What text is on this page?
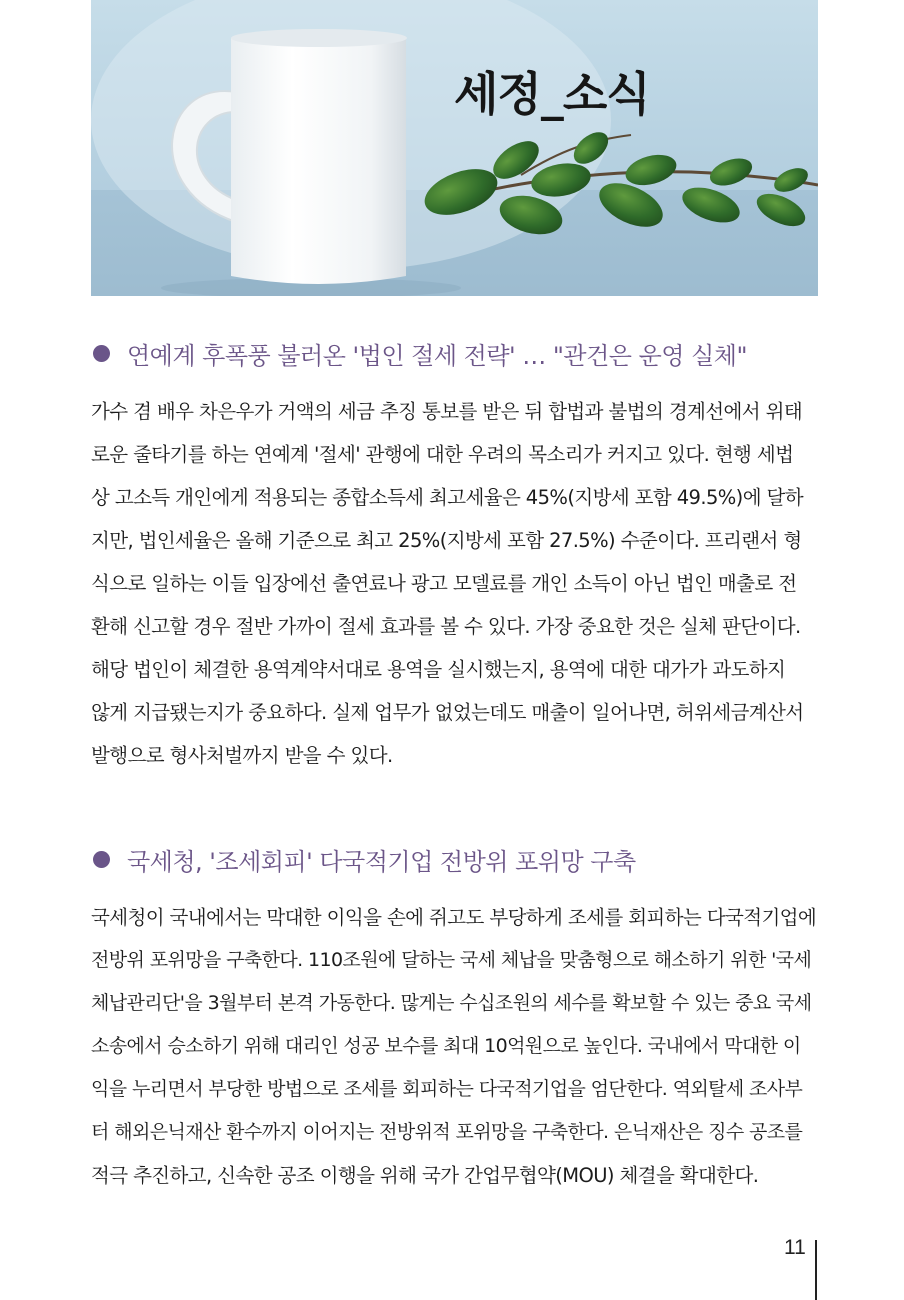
세정_소식
연예계 후폭풍 불러온 '법인 절세 전략' … "관건은 운영 실체"
가수 겸 배우 차은우가 거액의 세금 추징 통보를 받은 뒤 합법과 불법의 경계선에서 위태
로운 줄타기를 하는 연예계 '절세' 관행에 대한 우려의 목소리가 커지고 있다. 현행 세법
상 고소득 개인에게 적용되는 종합소득세 최고세율은 45%(지방세 포함 49.5%)에 달하
지만, 법인세율은 올해 기준으로 최고 25%(지방세 포함 27.5%) 수준이다. 프리랜서 형
식으로 일하는 이들 입장에선 출연료나 광고 모델료를 개인 소득이 아닌 법인 매출로 전
환해 신고할 경우 절반 가까이 절세 효과를 볼 수 있다. 가장 중요한 것은 실체 판단이다.
해당 법인이 체결한 용역계약서대로 용역을 실시했는지, 용역에 대한 대가가 과도하지
않게 지급됐는지가 중요하다. 실제 업무가 없었는데도 매출이 일어나면, 허위세금계산서
발행으로 형사처벌까지 받을 수 있다.
국세청, '조세회피' 다국적기업 전방위 포위망 구축
국세청이 국내에서는 막대한 이익을 손에 쥐고도 부당하게 조세를 회피하는 다국적기업에
전방위 포위망을 구축한다. 110조원에 달하는 국세 체납을 맞춤형으로 해소하기 위한 '국세
체납관리단'을 3월부터 본격 가동한다. 많게는 수십조원의 세수를 확보할 수 있는 중요 국세
소송에서 승소하기 위해 대리인 성공 보수를 최대 10억원으로 높인다. 국내에서 막대한 이
익을 누리면서 부당한 방법으로 조세를 회피하는 다국적기업을 엄단한다. 역외탈세 조사부
터 해외은닉재산 환수까지 이어지는 전방위적 포위망을 구축한다. 은닉재산은 징수 공조를
적극 추진하고, 신속한 공조 이행을 위해 국가 간업무협약(MOU) 체결을 확대한다.
11
